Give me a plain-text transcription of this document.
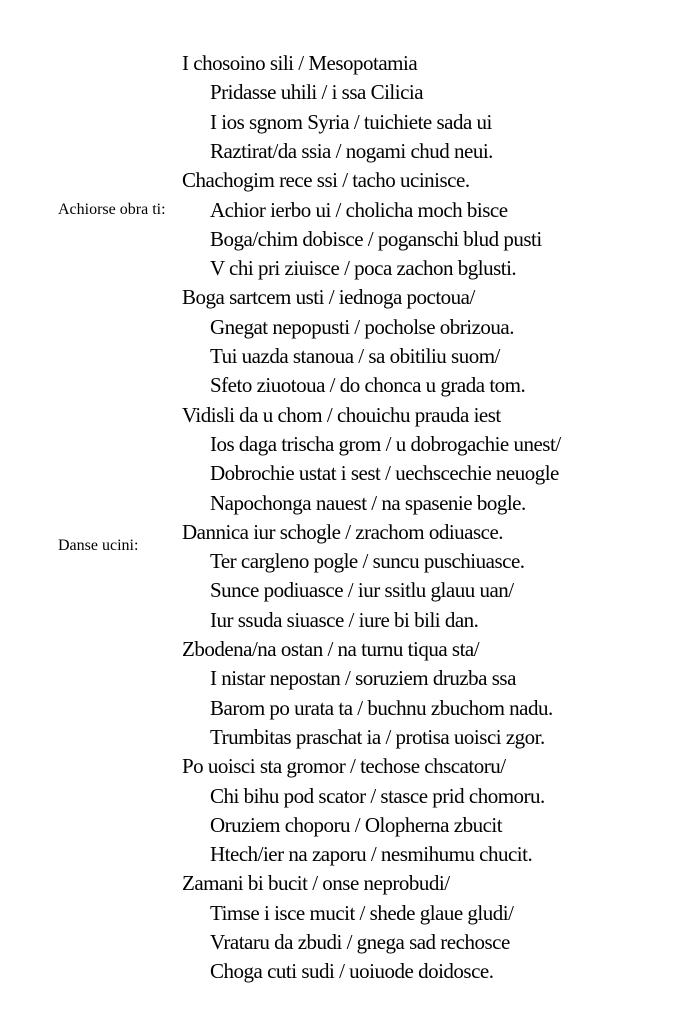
Achiorse obra ti:
Danse ucini:
I chosoino sili / Mesopotamia
Pridasse uhili / i ssa Cilicia
I ios sgnom Syria / tuichiete sada ui
Raztirat/da ssia / nogami chud neui.
Chachogim rece ssi / tacho ucinisce.
Achior ierbo ui / cholicha moch bisce
Boga/chim dobisce / poganschi blud pusti
V chi pri ziuisce / poca zachon bglusti.
Boga sartcem usti / iednoga poctoua/
Gnegat nepopusti / pocholse obrizoua.
Tui uazda stanoua / sa obitiliu suom/
Sfeto ziuotoua / do chonca u grada tom.
Vidisli da u chom / chouichu prauda iest
Ios daga trischa grom / u dobrogachie unest/
Dobrochie ustat i sest / uechscechie neuogle
Napochonga nauest / na spasenie bogle.
Dannica iur schogle / zrachom odiuasce.
Ter cargleno pogle / suncu puschiuasce.
Sunce podiuasce / iur ssitlu glauu uan/
Iur ssuda siuasce / iure bi bili dan.
Zbodena/na ostan / na turnu tiqua sta/
I nistar nepostan / soruziem druzba ssa
Barom po urata ta / buchnu zbuchom nadu.
Trumbitas praschat ia / protisa uoisci zgor.
Po uoisci sta gromor / techose chscatoru/
Chi bihu pod scator / stasce prid chomoru.
Oruziem choporu / Olopherna zbucit
Htech/ier na zaporu / nesmihumu chucit.
Zamani bi bucit / onse neprobudi/
Timse i isce mucit / shede glaue gludi/
Vrataru da zbudi / gnega sad rechosce
Choga cuti sudi / uoiuode doidosce.
